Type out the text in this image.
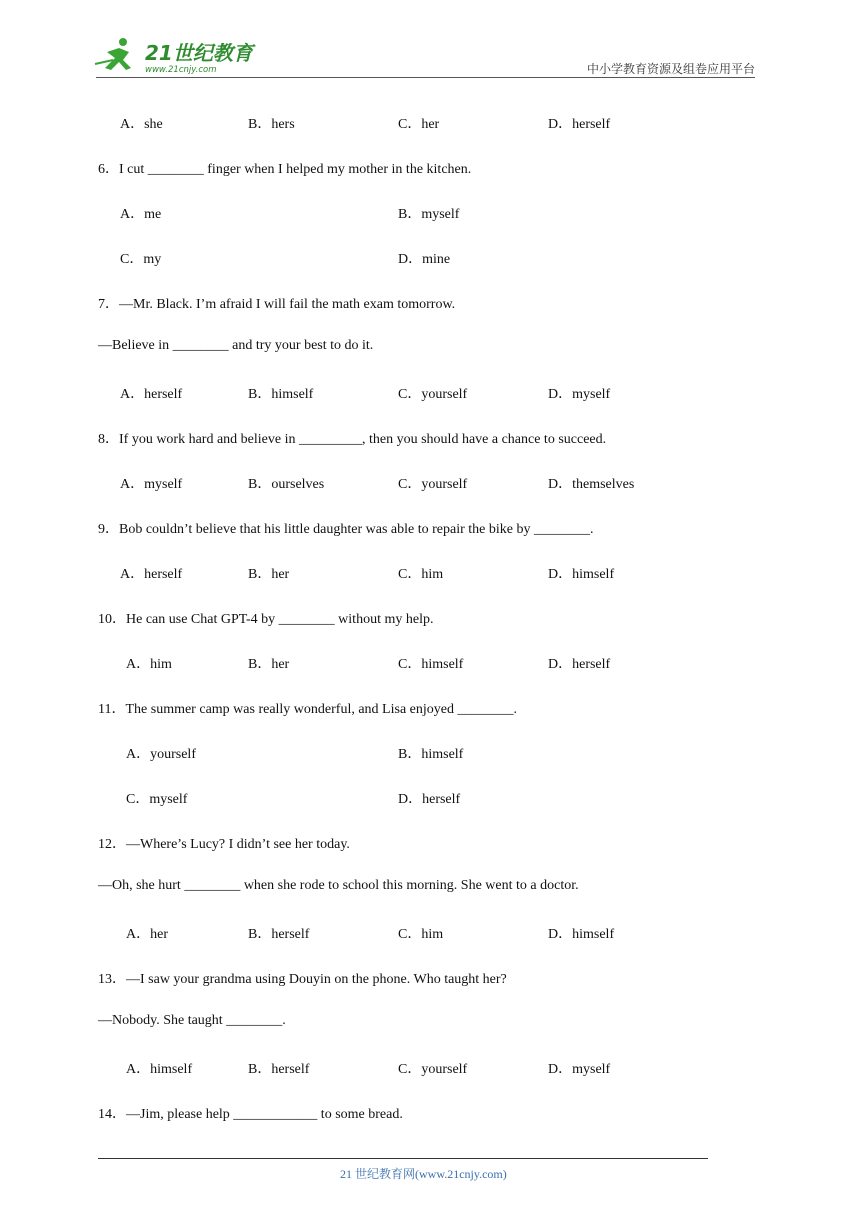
21世纪教育
www.21cnjy.com	中小学教育资源及组卷应用平台
A．she	B．hers	C．her	D．herself
6．I cut ________ finger when I helped my mother in the kitchen.
A．me	B．myself
C．my	D．mine
7．—Mr. Black. I’m afraid I will fail the math exam tomorrow.
—Believe in ________ and try your best to do it.
A．herself	B．himself	C．yourself	D．myself
8．If you work hard and believe in _________, then you should have a chance to succeed.
A．myself	B．ourselves	C．yourself	D．themselves
9．Bob couldn’t believe that his little daughter was able to repair the bike by ________.
A．herself	B．her	C．him	D．himself
10．He can use Chat GPT-4 by ________ without my help.
A．him	B．her	C．himself	D．herself
11．The summer camp was really wonderful, and Lisa enjoyed ________.
A．yourself	B．himself
C．myself	D．herself
12．—Where’s Lucy? I didn’t see her today.
—Oh, she hurt ________ when she rode to school this morning. She went to a doctor.
A．her	B．herself	C．him	D．himself
13．—I saw your grandma using Douyin on the phone. Who taught her?
—Nobody. She taught ________.
A．himself	B．herself	C．yourself	D．myself
14．—Jim, please help ____________ to some bread.
21 世纪教育网(www.21cnjy.com)
